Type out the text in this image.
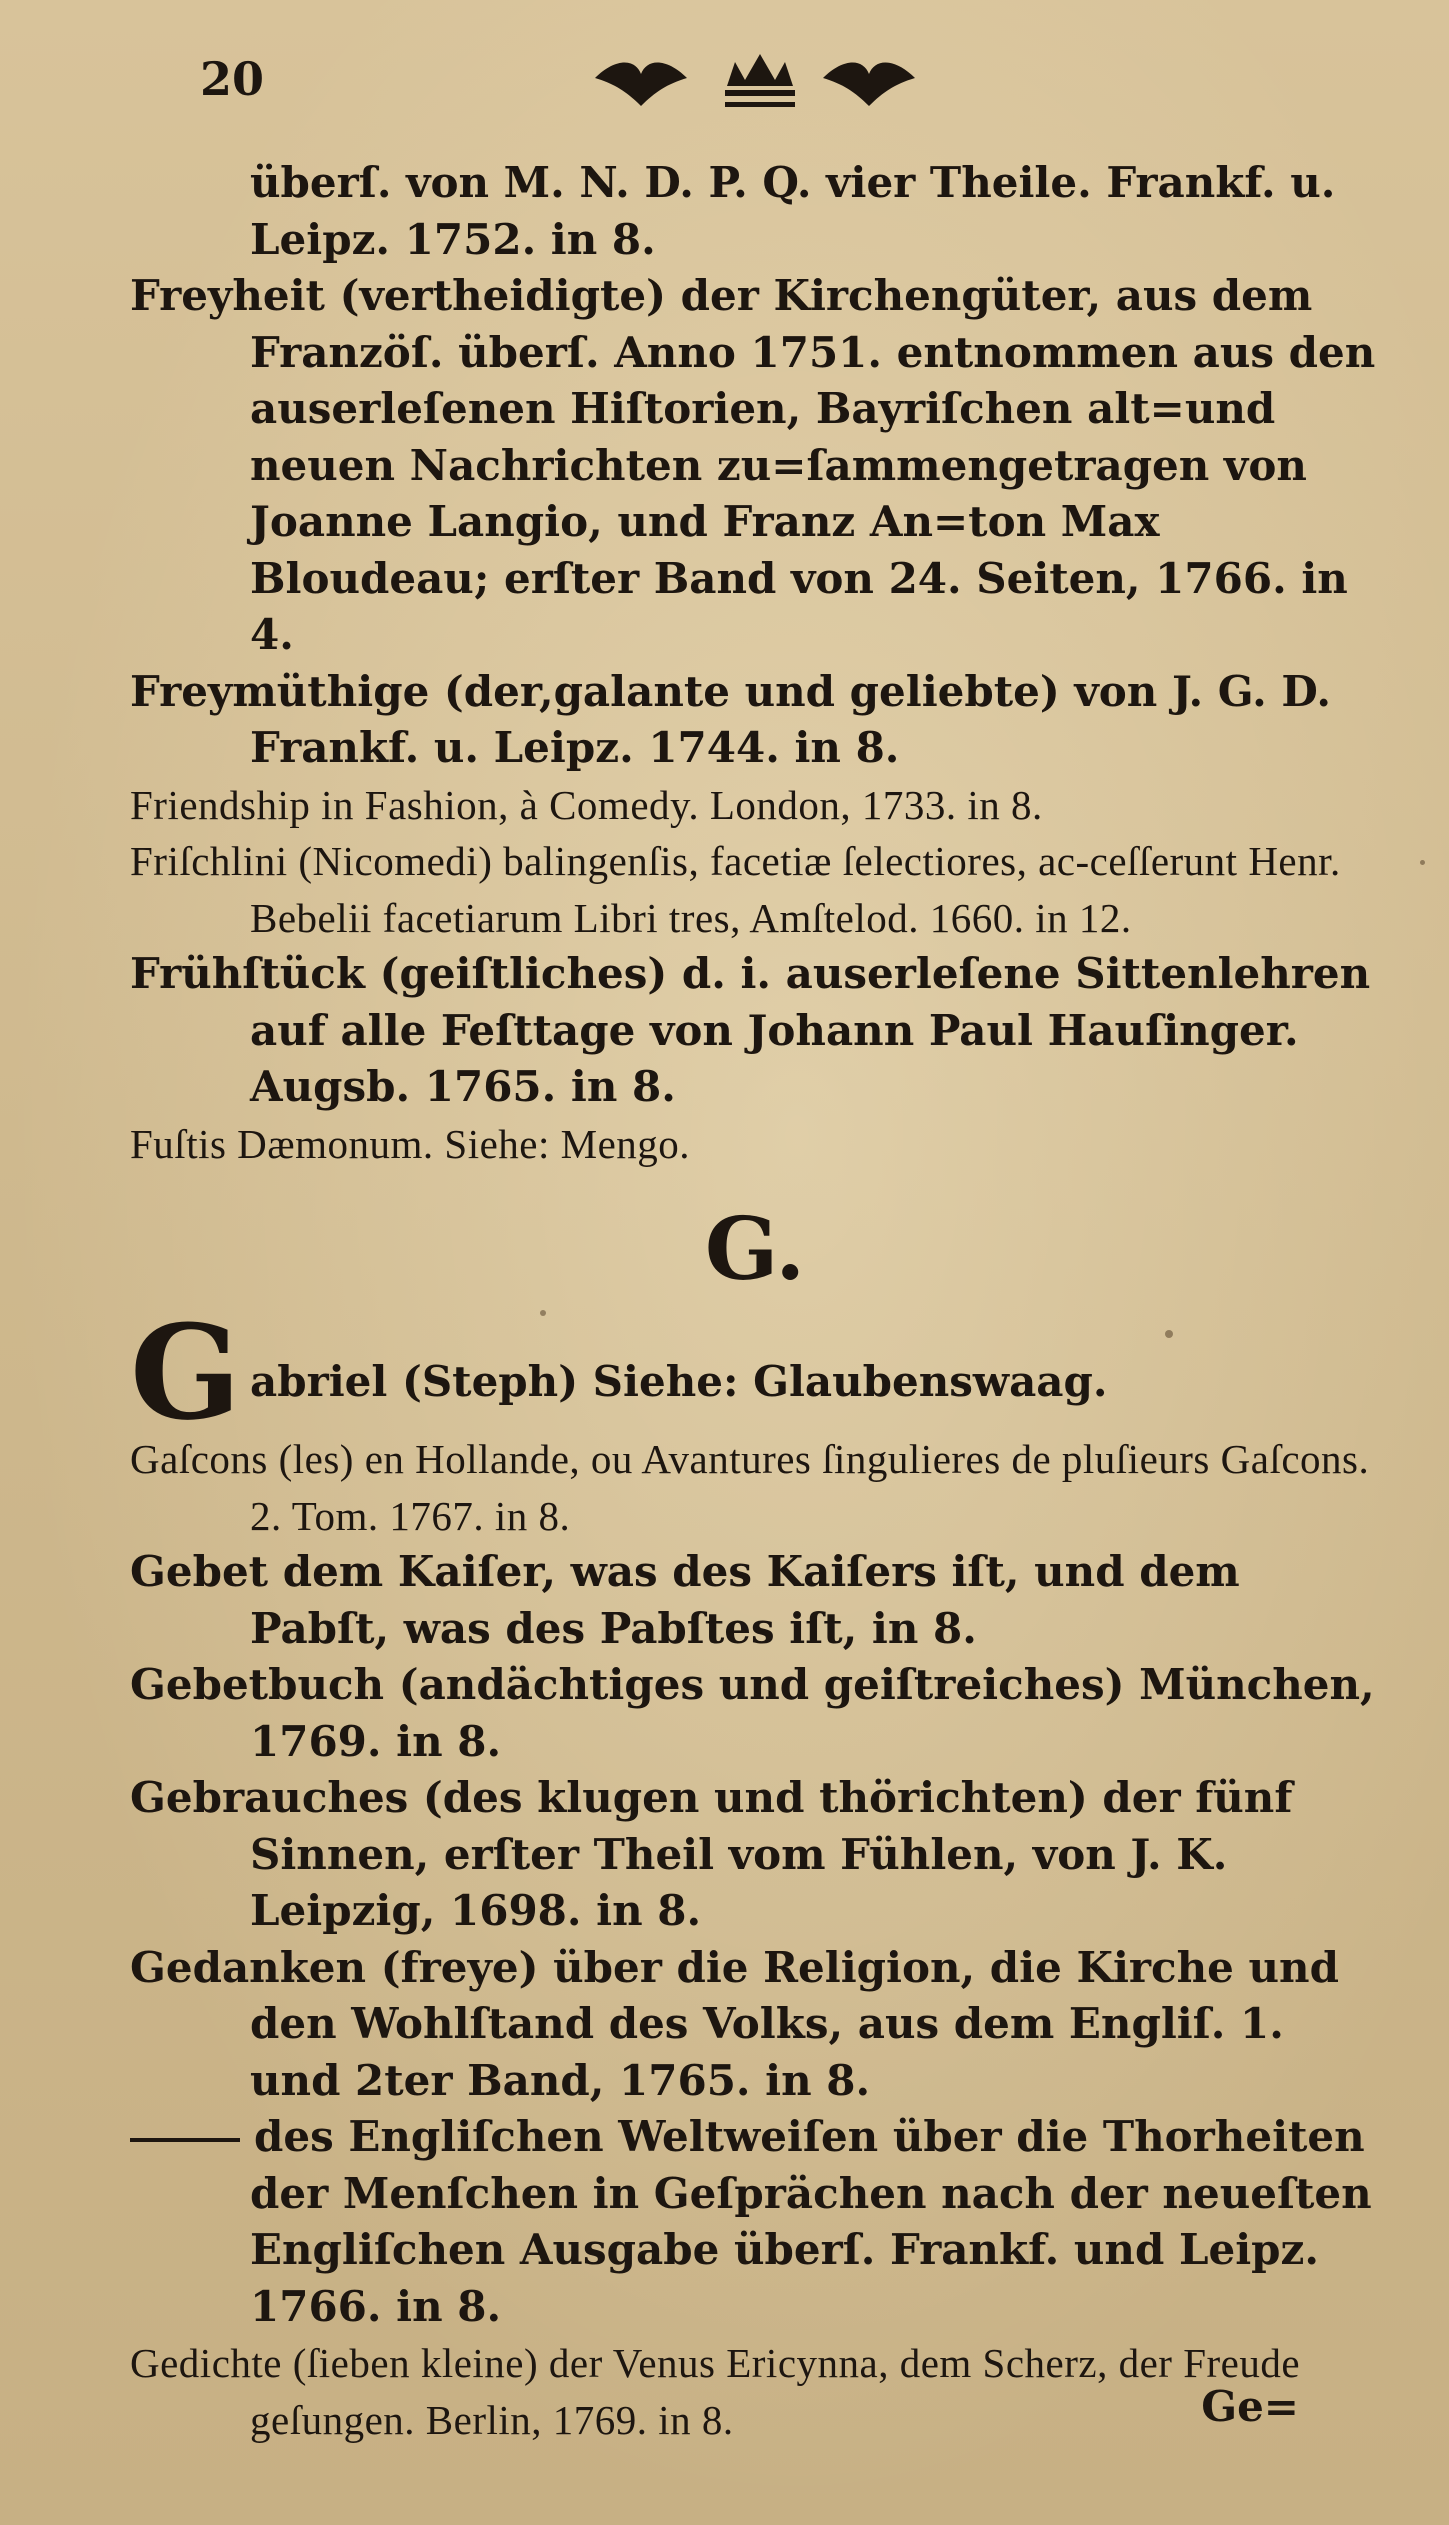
20

überſ. von M. N. D. P. Q. vier Theile. Frankf. u. Leipz. 1752. in 8.

Freyheit (vertheidigte) der Kirchengüter, aus dem Franzöſ. überſ. Anno 1751. entnommen aus den auserleſenen Hiſtorien, Bayriſchen alt=und neuen Nachrichten zu=ſammengetragen von Joanne Langio, und Franz An=ton Max Bloudeau; erſter Band von 24. Seiten, 1766. in 4.

Freymüthige (der,galante und geliebte) von J. G. D. Frankf. u. Leipz. 1744. in 8.

Friendship in Fashion, à Comedy. London, 1733. in 8.

Friſchlini (Nicomedi) balingenſis, facetiæ ſelectiores, ac-ceſſerunt Henr. Bebelii facetiarum Libri tres, Amſtelod. 1660. in 12.

Frühſtück (geiſtliches) d. i. auserleſene Sittenlehren auf alle Feſttage von Johann Paul Hauſinger. Augsb. 1765. in 8.

Fuſtis Dæmonum. Siehe: Mengo.

G.
G abriel (Steph) Siehe: Glaubenswaag.

Gaſcons (les) en Hollande, ou Avantures ſingulieres de pluſieurs Gaſcons. 2. Tom. 1767. in 8.

Gebet dem Kaiſer, was des Kaiſers iſt, und dem Pabſt, was des Pabſtes iſt, in 8.

Gebetbuch (andächtiges und geiſtreiches) München, 1769. in 8.

Gebrauches (des klugen und thörichten) der fünf Sinnen, erſter Theil vom Fühlen, von J. K. Leipzig, 1698. in 8.

Gedanken (freye) über die Religion, die Kirche und den Wohlſtand des Volks, aus dem Engliſ. 1. und 2ter Band, 1765. in 8.

des Engliſchen Weltweiſen über die Thorheiten der Menſchen in Geſprächen nach der neueſten Engliſchen Ausgabe überſ. Frankf. und Leipz. 1766. in 8.

Gedichte (ſieben kleine) der Venus Ericynna, dem Scherz, der Freude geſungen. Berlin, 1769. in 8.	Ge=
